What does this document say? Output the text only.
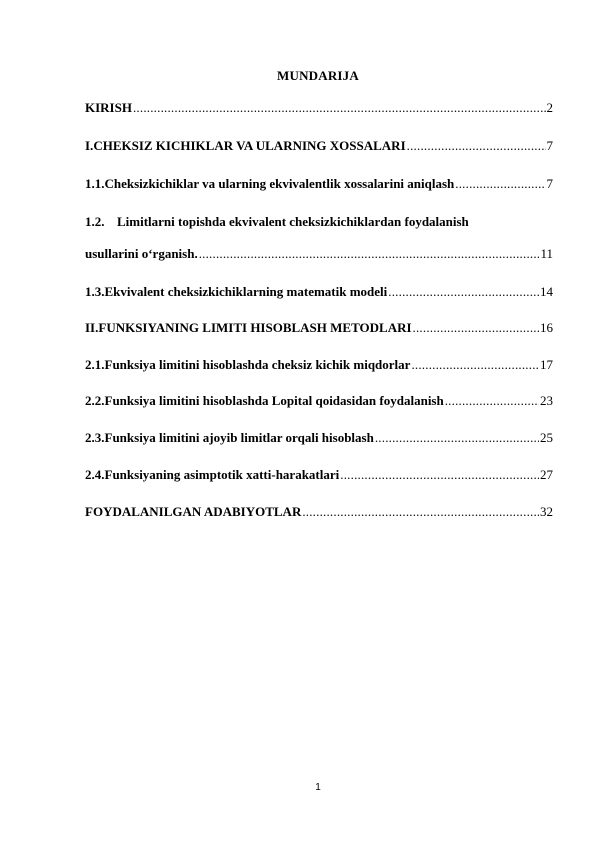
MUNDARIJA
KIRISH .....	2
I. CHEKSIZ KICHIKLAR VA ULARNING XOSSALARI .....	7
1.1. Cheksizkichiklar va ularning ekvivalentlik xossalarini aniqlash .....	7
1.2. Limitlarni topishda ekvivalent cheksizkichiklardan foydalanish
usullarini o‘rganish. .....	11
1.3. Ekvivalent cheksizkichiklarning matematik modeli .....	14
II. FUNKSIYANING LIMITI HISOBLASH METODLARI .....	16
2.1. Funksiya limitini hisoblashda cheksiz kichik miqdorlar .....	17
2.2. Funksiya limitini hisoblashda Lopital qoidasidan foydalanish .....	23
2.3. Funksiya limitini ajoyib limitlar orqali hisoblash .....	25
2.4. Funksiyaning asimptotik xatti-harakatlari .....	27
FOYDALANILGAN ADABIYOTLAR .....	32
1
